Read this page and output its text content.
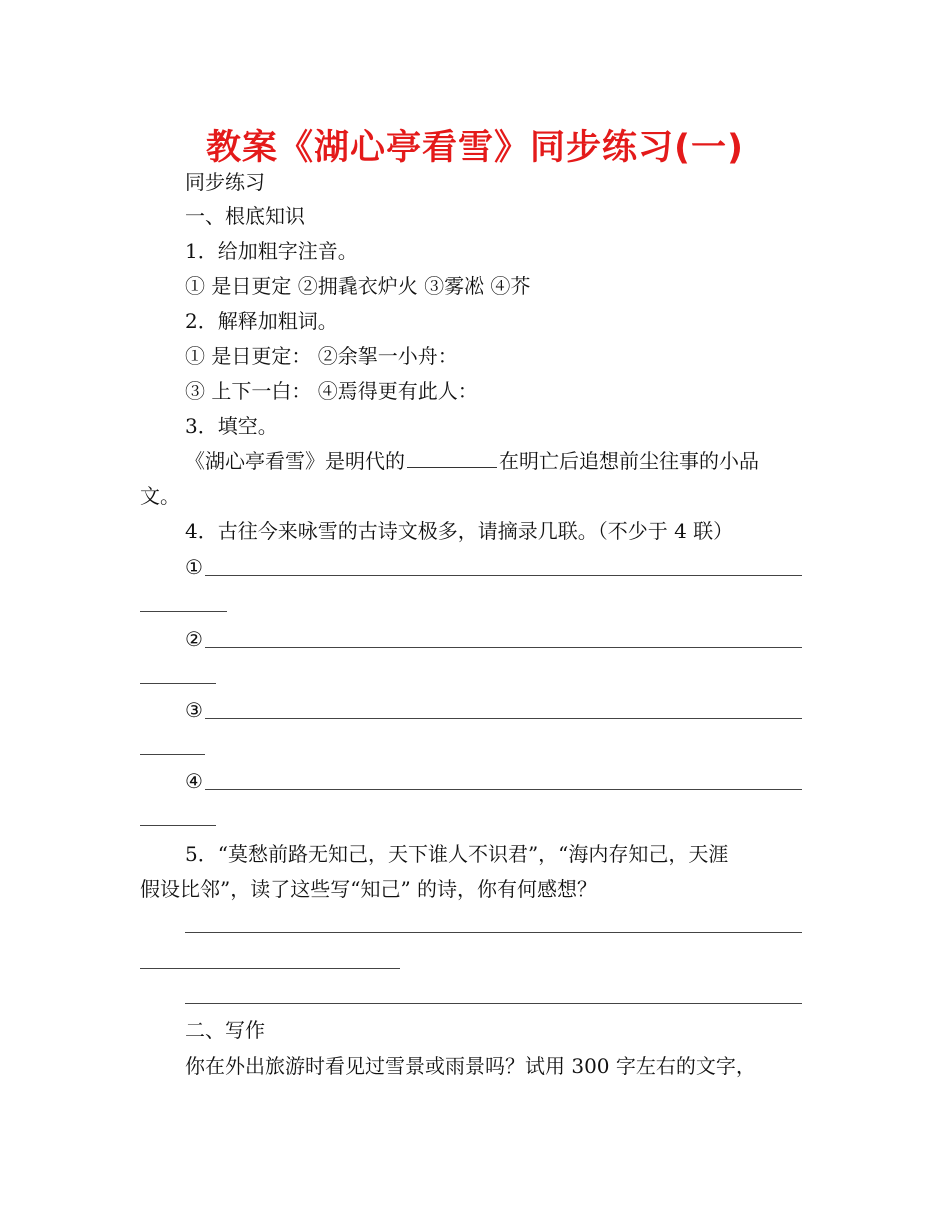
教案《湖心亭看雪》同步练习(一)
同步练习
一、根底知识
1．给加粗字注音。
① 是日更定 ②拥毳衣炉火 ③雾凇 ④芥
2．解释加粗词。
① 是日更定： ②余挐一小舟：
③ 上下一白： ④焉得更有此人：
3．填空。
《湖心亭看雪》是明代的	在明亡后追想前尘往事的小品
文。
4．古往今来咏雪的古诗文极多，请摘录几联。（不少于 4 联）
①
②
③
④
5．“莫愁前路无知己，天下谁人不识君”，“海内存知己，天涯
假设比邻”，读了这些写“知己” 的诗，你有何感想？
二、写作
你在外出旅游时看见过雪景或雨景吗？试用 300 字左右的文字，
